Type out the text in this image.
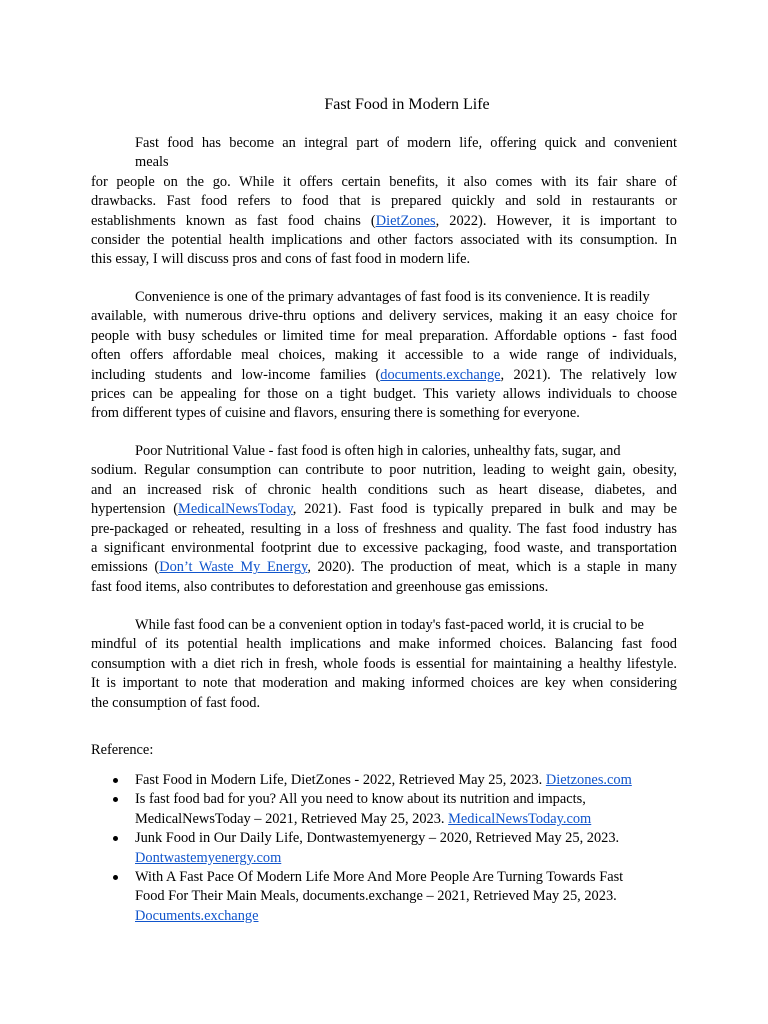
Fast Food in Modern Life
Fast food has become an integral part of modern life, offering quick and convenient
meals
for people on the go. While it offers certain benefits, it also comes with its fair share of
drawbacks. Fast food refers to food that is prepared quickly and sold in restaurants or
establishments known as fast food chains (DietZones, 2022). However, it is important to
consider the potential health implications and other factors associated with its consumption. In
this essay, I will discuss pros and cons of fast food in modern life.
Convenience is one of the primary advantages of fast food is its convenience. It is readily
available, with numerous drive-thru options and delivery services, making it an easy choice for
people with busy schedules or limited time for meal preparation. Affordable options - fast food
often offers affordable meal choices, making it accessible to a wide range of individuals,
including students and low-income families (documents.exchange, 2021). The relatively low
prices can be appealing for those on a tight budget. This variety allows individuals to choose
from different types of cuisine and flavors, ensuring there is something for everyone.
Poor Nutritional Value - fast food is often high in calories, unhealthy fats, sugar, and
sodium. Regular consumption can contribute to poor nutrition, leading to weight gain, obesity,
and an increased risk of chronic health conditions such as heart disease, diabetes, and
hypertension (MedicalNewsToday, 2021). Fast food is typically prepared in bulk and may be
pre-packaged or reheated, resulting in a loss of freshness and quality. The fast food industry has
a significant environmental footprint due to excessive packaging, food waste, and transportation
emissions (Don’t Waste My Energy, 2020). The production of meat, which is a staple in many
fast food items, also contributes to deforestation and greenhouse gas emissions.
While fast food can be a convenient option in today's fast-paced world, it is crucial to be
mindful of its potential health implications and make informed choices. Balancing fast food
consumption with a diet rich in fresh, whole foods is essential for maintaining a healthy lifestyle.
It is important to note that moderation and making informed choices are key when considering
the consumption of fast food.
Reference:
Fast Food in Modern Life, DietZones - 2022, Retrieved May 25, 2023. Dietzones.com
Is fast food bad for you? All you need to know about its nutrition and impacts,
MedicalNewsToday – 2021, Retrieved May 25, 2023. MedicalNewsToday.com
Junk Food in Our Daily Life, Dontwastemyenergy – 2020, Retrieved May 25, 2023.
Dontwastemyenergy.com
With A Fast Pace Of Modern Life More And More People Are Turning Towards Fast
Food For Their Main Meals, documents.exchange – 2021, Retrieved May 25, 2023.
Documents.exchange
